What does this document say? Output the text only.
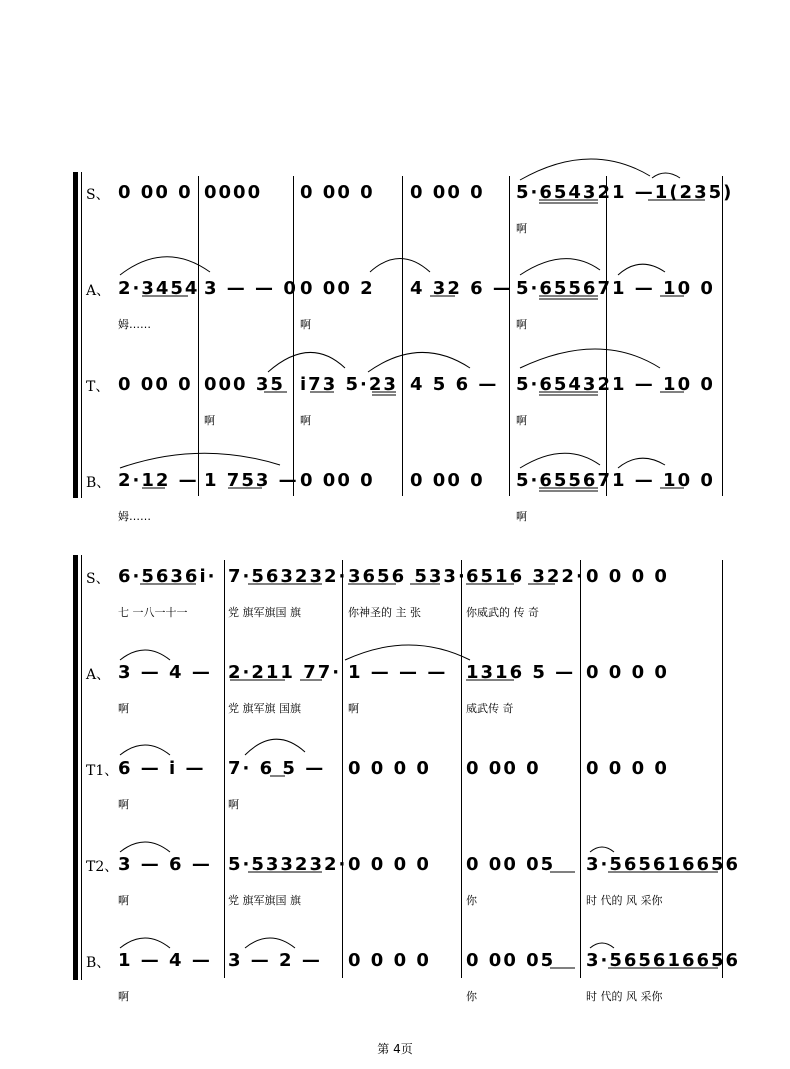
S、 0 00 0 0000 0 00 0 0 00 0 5·65432 1 —1(235)
啊
A、 2·3454 3 — — 0 0 00 2 4 32 6 — 5·65567 1 — 10 0
姆……	啊	啊
T、 0 00 0 000 35 i73 5·23 4 5 6 — 5·65432 1 — 10 0
啊	啊	啊
B、 2·12 — 1 753 — 0 00 0 0 00 0 5·65567 1 — 10 0
姆……	啊
S、 6·5636i· 7·563232· 3656 533· 6516 322· 0 0 0 0
七 一八一十一	党 旗军旗国 旗	你神圣的 主 张	你威武的 传 奇
A、 3 — 4 — 2·211 77· 1 — — — 1316 5 — 0 0 0 0
啊	党 旗军旗 国旗	啊	威武传 奇
T1、 6 — i — 7· 6 5 — 0 0 0 0 0 00 0	0 0 0 0
啊	啊
T2、 3 — 6 — 5·533232· 0 0 0 0 0 00 05 3·565616656
啊	党 旗军旗国 旗	你	时 代的 风 采你
B、 1 — 4 — 3 — 2 — 0 0 0 0 0 00 05 3·565616656
啊	你	时 代的 风 采你
第 4页
